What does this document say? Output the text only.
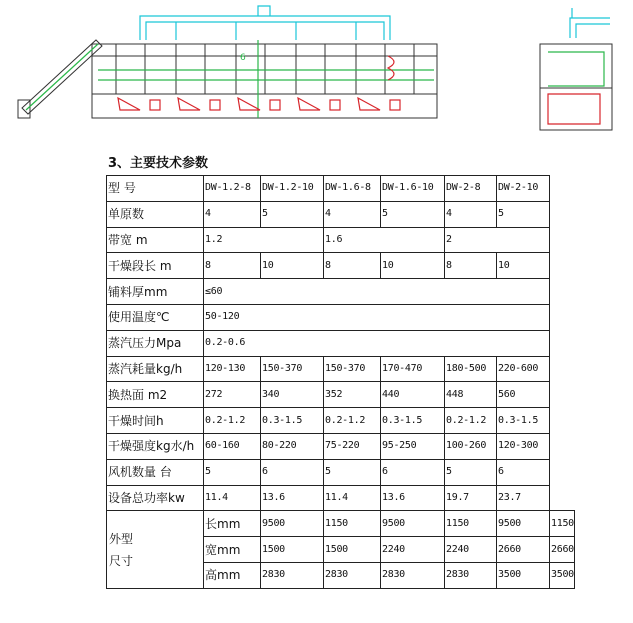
6
3、主要技术参数
型 号	DW-1.2-8	DW-1.2-10	DW-1.6-8	DW-1.6-10	DW-2-8	DW-2-10	
单原数	4	5	4	5	4	5	
带宽 m	1.2		1.6		2		
干燥段长 m	8	10	8	10	8	10	
铺料厚mm	≤60						
使用温度℃	50-120						
蒸汽压力Mpa	0.2-0.6						
蒸汽耗量kg/h	120-130	150-370	150-370	170-470	180-500	220-600	
换热面 m2	272	340	352	440	448	560	
干燥时间h	0.2-1.2	0.3-1.5	0.2-1.2	0.3-1.5	0.2-1.2	0.3-1.5	
干燥强度kg水/h	60-160	80-220	75-220	95-250	100-260	120-300	
风机数量 台	5	6	5	6	5	6	
设备总功率kw	11.4	13.6	11.4	13.6	19.7	23.7	

外型
尺寸	长mm	9500	1150	9500	1150	9500	1150
	宽mm	1500	1500	2240	2240	2660	2660
	高mm	2830	2830	2830	2830	3500	3500
